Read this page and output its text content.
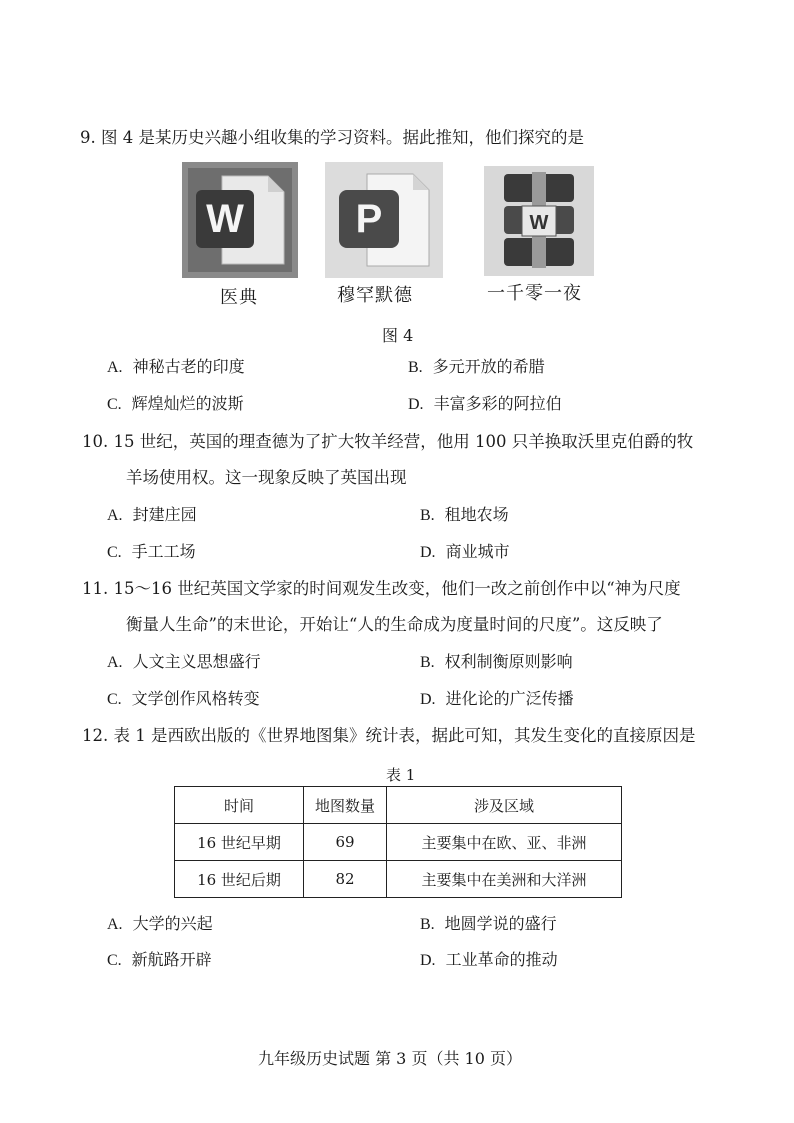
9. 图 4 是某历史兴趣小组收集的学习资料。据此推知，他们探究的是
W	P	W
医典	穆罕默德	一千零一夜
图 4
A. 神秘古老的印度	B. 多元开放的希腊
C. 辉煌灿烂的波斯	D. 丰富多彩的阿拉伯
10. 15 世纪，英国的理查德为了扩大牧羊经营，他用 100 只羊换取沃里克伯爵的牧
羊场使用权。这一现象反映了英国出现
A. 封建庄园	B. 租地农场
C. 手工工场	D. 商业城市
11. 15～16 世纪英国文学家的时间观发生改变，他们一改之前创作中以“神为尺度
衡量人生命”的末世论，开始让“人的生命成为度量时间的尺度”。这反映了
A. 人文主义思想盛行	B. 权利制衡原则影响
C. 文学创作风格转变	D. 进化论的广泛传播
12. 表 1 是西欧出版的《世界地图集》统计表，据此可知，其发生变化的直接原因是
表 1
时间	地图数量	涉及区域
16 世纪早期	69	主要集中在欧、亚、非洲
16 世纪后期	82	主要集中在美洲和大洋洲
A. 大学的兴起	B. 地圆学说的盛行
C. 新航路开辟	D. 工业革命的推动
九年级历史试题 第 3 页（共 10 页）
